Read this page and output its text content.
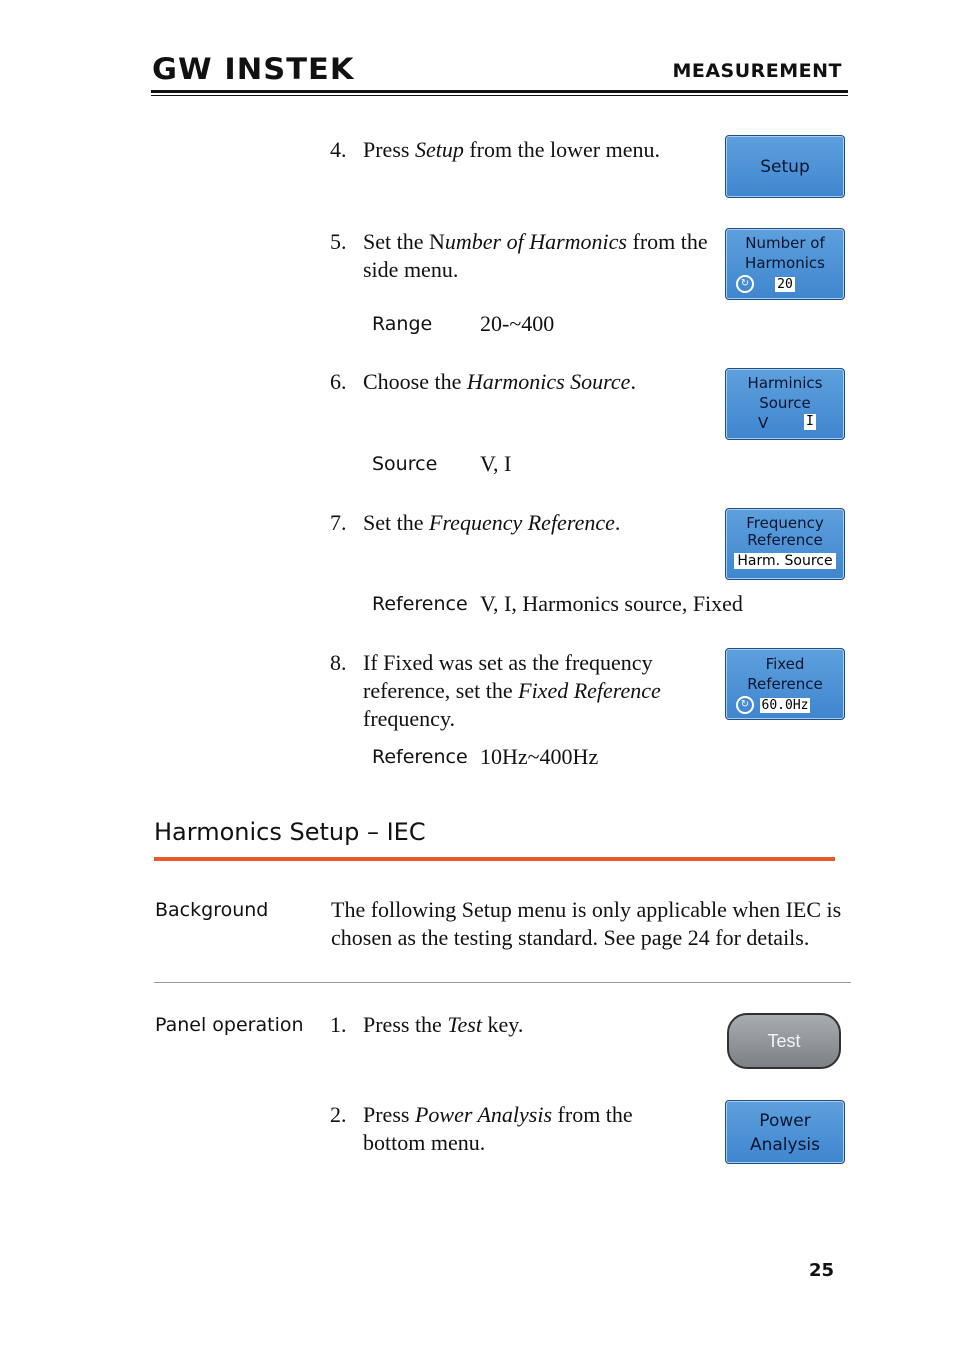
GW INSTEK	MEASUREMENT
4. Press Setup from the lower menu.
Setup
5. Set the Number of Harmonics from the side menu.
Number of
Harmonics
↻	20
Range 20-~400
6. Choose the Harmonics Source.	Harminics
Source
V	I
Source V, I
7. Set the Frequency Reference.	Frequency
Reference
Harm. Source
Reference V, I, Harmonics source, Fixed
8. If Fixed was set as the frequency reference, set the Fixed Reference frequency.
Fixed
Reference
↻ 60.0Hz
Reference 10Hz~400Hz
Harmonics Setup – IEC
Background	The following Setup menu is only applicable when IEC is chosen as the testing standard. See page 24 for details.
Panel operation 1. Press the Test key.
Test
2. Press Power Analysis from the bottom menu.
Power
Analysis
25
